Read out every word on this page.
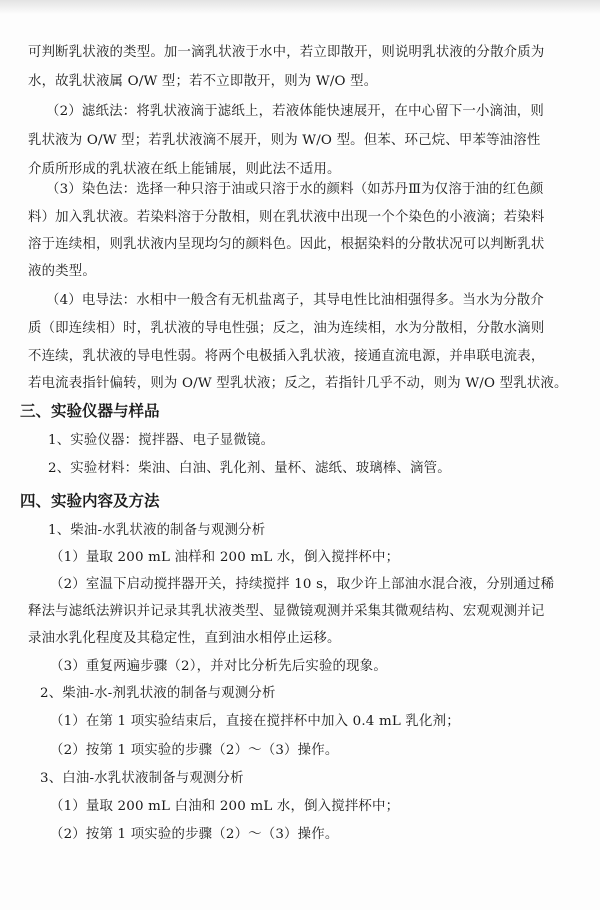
可判断乳状液的类型。加一滴乳状液于水中，若立即散开，则说明乳状液的分散介质为
水，故乳状液属 O/W 型；若不立即散开，则为 W/O 型。
（2）滤纸法：将乳状液滴于滤纸上，若液体能快速展开，在中心留下一小滴油，则
乳状液为 O/W 型；若乳状液滴不展开，则为 W/O 型。但苯、环己烷、甲苯等油溶性
介质所形成的乳状液在纸上能铺展，则此法不适用。
（3）染色法：选择一种只溶于油或只溶于水的颜料（如苏丹Ⅲ为仅溶于油的红色颜
料）加入乳状液。若染料溶于分散相，则在乳状液中出现一个个染色的小液滴；若染料
溶于连续相，则乳状液内呈现均匀的颜料色。因此，根据染料的分散状况可以判断乳状
液的类型。
（4）电导法：水相中一般含有无机盐离子，其导电性比油相强得多。当水为分散介
质（即连续相）时，乳状液的导电性强；反之，油为连续相，水为分散相，分散水滴则
不连续，乳状液的导电性弱。将两个电极插入乳状液，接通直流电源，并串联电流表，
若电流表指针偏转，则为 O/W 型乳状液；反之，若指针几乎不动，则为 W/O 型乳状液。
三、实验仪器与样品
1、实验仪器：搅拌器、电子显微镜。
2、实验材料：柴油、白油、乳化剂、量杯、滤纸、玻璃棒、滴管。
四、实验内容及方法
1、柴油-水乳状液的制备与观测分析
（1）量取 200 mL 油样和 200 mL 水，倒入搅拌杯中；
（2）室温下启动搅拌器开关，持续搅拌 10 s，取少许上部油水混合液，分别通过稀
释法与滤纸法辨识并记录其乳状液类型、显微镜观测并采集其微观结构、宏观观测并记
录油水乳化程度及其稳定性，直到油水相停止运移。
（3）重复两遍步骤（2），并对比分析先后实验的现象。
2、柴油-水-剂乳状液的制备与观测分析
（1）在第 1 项实验结束后，直接在搅拌杯中加入 0.4 mL 乳化剂；
（2）按第 1 项实验的步骤（2）～（3）操作。
3、白油-水乳状液制备与观测分析
（1）量取 200 mL 白油和 200 mL 水，倒入搅拌杯中；
（2）按第 1 项实验的步骤（2）～（3）操作。
